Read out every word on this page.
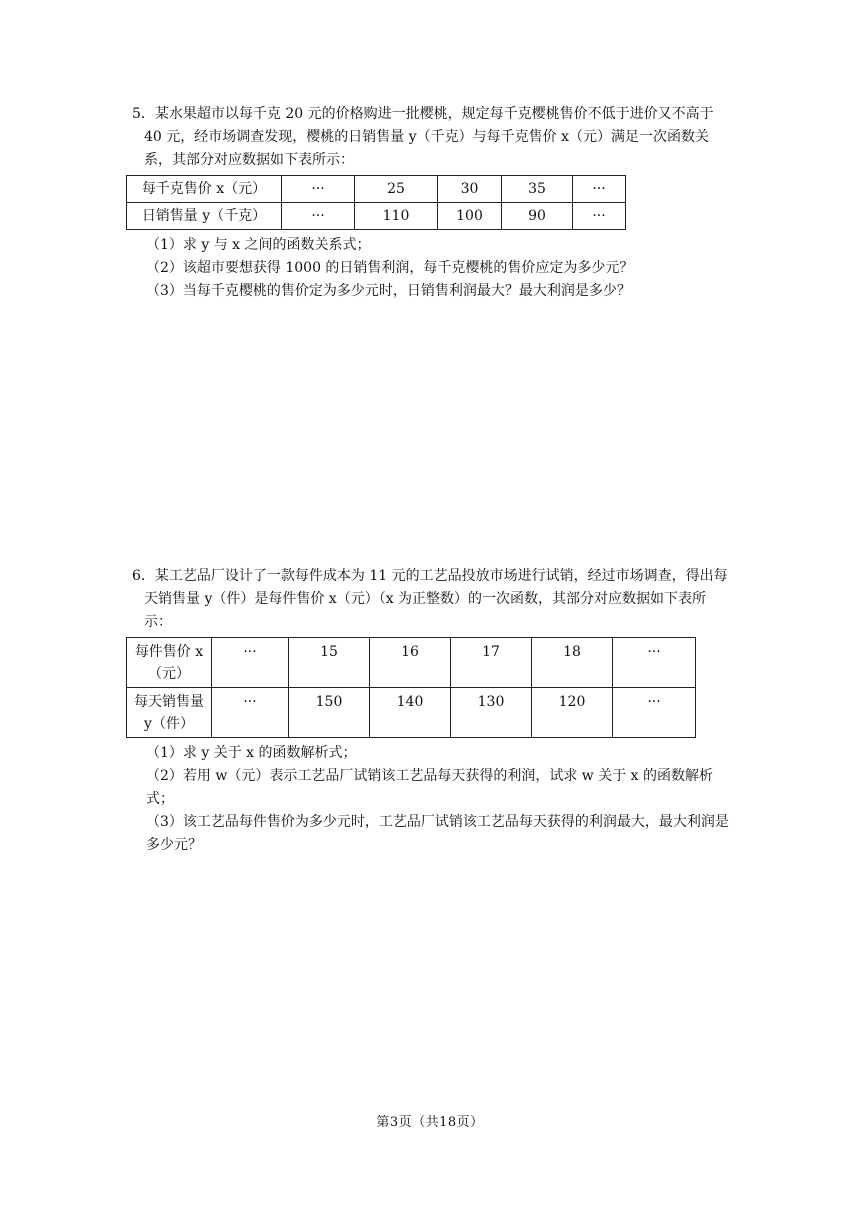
5．某水果超市以每千克 20 元的价格购进一批樱桃，规定每千克樱桃售价不低于进价又不高于 40 元，经市场调查发现，樱桃的日销售量 y（千克）与每千克售价 x（元）满足一次函数关系，其部分对应数据如下表所示：

每千克售价 x（元）	···	25	30	35	···
日销售量 y（千克）	···	110	100	90	···

（1）求 y 与 x 之间的函数关系式；

（2）该超市要想获得 1000 的日销售利润，每千克樱桃的售价应定为多少元？

（3）当每千克樱桃的售价定为多少元时，日销售利润最大？最大利润是多少？

6．某工艺品厂设计了一款每件成本为 11 元的工艺品投放市场进行试销，经过市场调查，得出每天销售量 y（件）是每件售价 x（元）（x 为正整数）的一次函数，其部分对应数据如下表所示：

每件售价 x（元）	···	15	16	17	18	···
每天销售量 y（件）	···	150	140	130	120	···

（1）求 y 关于 x 的函数解析式；

（2）若用 w（元）表示工艺品厂试销该工艺品每天获得的利润，试求 w 关于 x 的函数解析式；

（3）该工艺品每件售价为多少元时，工艺品厂试销该工艺品每天获得的利润最大，最大利润是多少元？

第3页（共18页）
